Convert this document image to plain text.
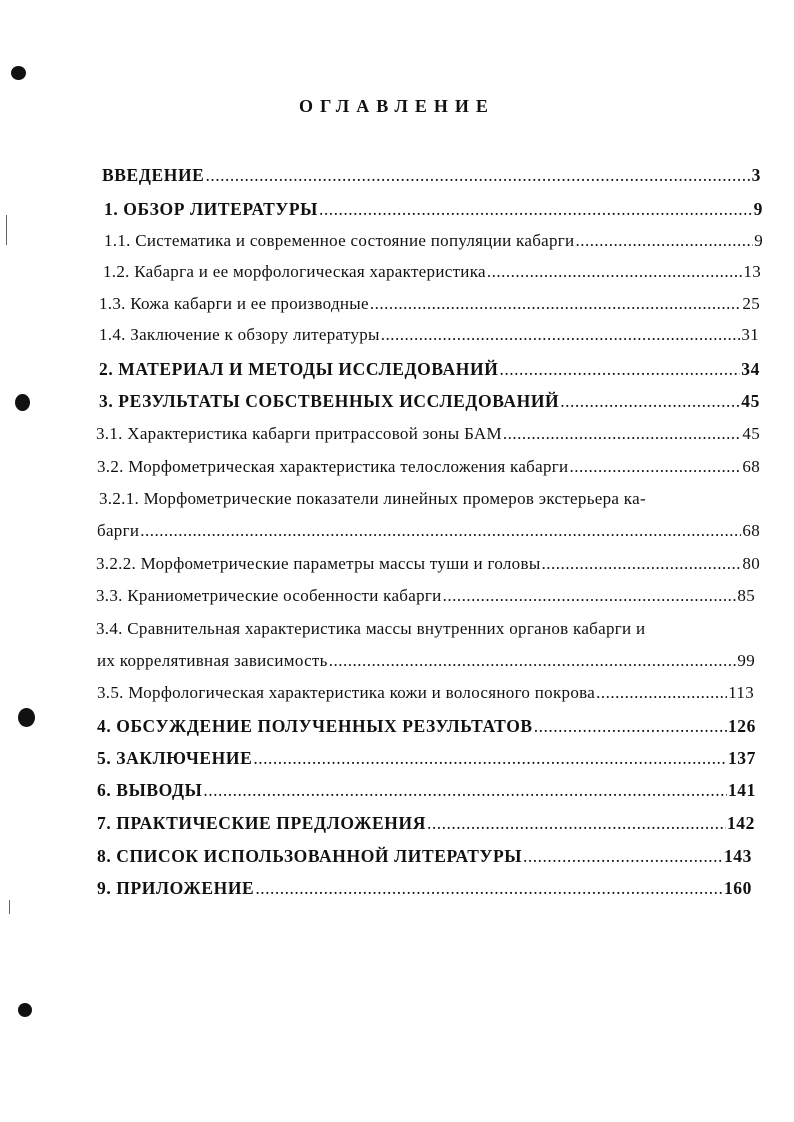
ОГЛАВЛЕНИЕ
ВВЕДЕНИЕ .....	3
1. ОБЗОР ЛИТЕРАТУРЫ .....	9
1.1. Систематика и современное состояние популяции кабарги .....	9
1.2. Кабарга и ее морфологическая характеристика .....	13
1.3. Кожа кабарги и ее производные .....	25
1.4. Заключение к обзору литературы .....	31
2. МАТЕРИАЛ И МЕТОДЫ ИССЛЕДОВАНИЙ .....	34
3. РЕЗУЛЬТАТЫ СОБСТВЕННЫХ ИССЛЕДОВАНИЙ .....	45
3.1. Характеристика кабарги притрассовой зоны БАМ .....	45
3.2. Морфометрическая характеристика телосложения кабарги .....	68
3.2.1. Морфометрические показатели линейных промеров экстерьера ка-
барги .....	68
3.2.2. Морфометрические параметры массы туши и головы .....	80
3.3. Краниометрические особенности кабарги .....	85
3.4. Сравнительная характеристика массы внутренних органов кабарги и
их коррелятивная зависимость .....	99
3.5. Морфологическая характеристика кожи и волосяного покрова .....	113
4. ОБСУЖДЕНИЕ ПОЛУЧЕННЫХ РЕЗУЛЬТАТОВ .....	126
5. ЗАКЛЮЧЕНИЕ .....	137
6. ВЫВОДЫ .....	141
7. ПРАКТИЧЕСКИЕ ПРЕДЛОЖЕНИЯ .....	142
8. СПИСОК ИСПОЛЬЗОВАННОЙ ЛИТЕРАТУРЫ .....	143
9. ПРИЛОЖЕНИЕ .....	160
